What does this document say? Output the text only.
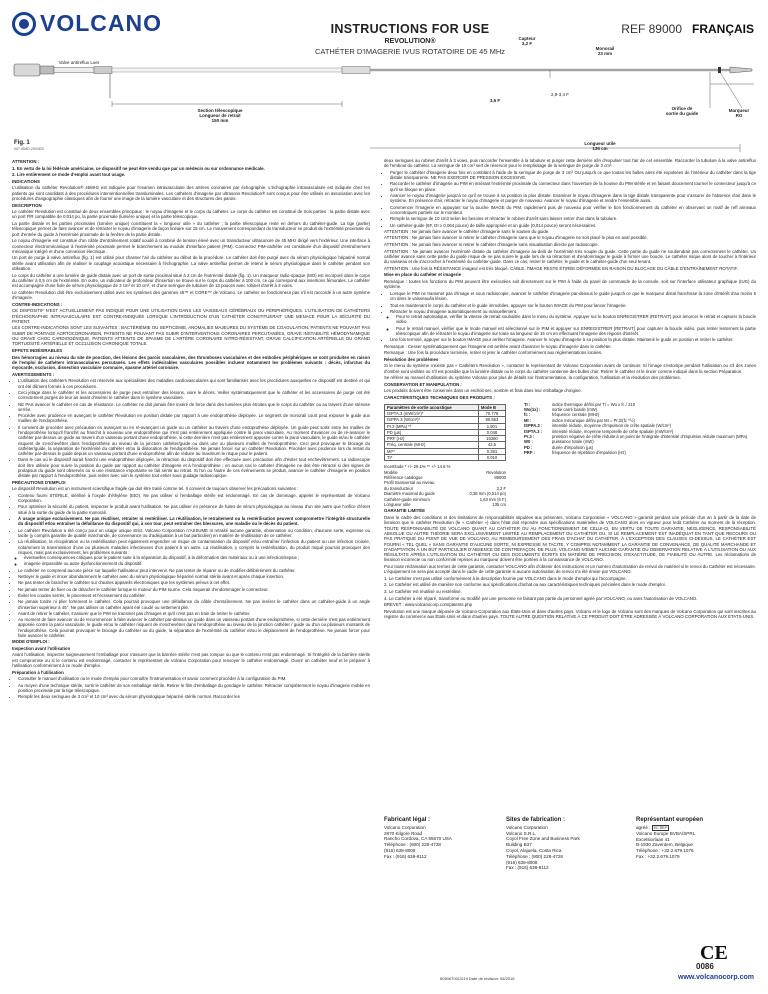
VOLCANO	INSTRUCTIONS FOR USE
REVOLUTION®
CATHÉTER D'IMAGERIE IVUS ROTATOIRE DE 45 MHz
REF 89000 FRANÇAIS
Valve antireflux Luer
Capteur
3,2 F
Monorail
23 mm
3,5 F
2,9-3,4 F
Orifice de
sortie du guide
Marqueur
RO
Longueur utile
135 cm
Section télescopique
Longueur de retrait
150 mm
Fig. 1
007-ISMD-29/0303

ATTENTION :

1. En vertu de la loi fédérale américaine, ce dispositif ne peut être vendu que par un médecin ou sur ordonnance médicale.

2. Lire entièrement ce mode d'emploi avant tout usage.

INDICATIONS

L'utilisation du cathéter Revolution® 45MHz est indiquée pour l'examen intravasculaire des artères coronaires par échographie. L'échographie intravasculaire est indiquée chez les patients qui sont candidats à des procédures interventionnelles transluminales. Les cathéters d'imagerie par ultrasons Revolution® sont conçus pour être utilisés en association avec les procédures d'angiographie classiques afin de fournir une image de la lumière vasculaire et des structures des parois.

DESCRIPTION

Le cathéter Revolution est constitué de deux ensembles principaux : le noyau d'imagerie et le corps du cathéter. Le corps du cathéter est constitué de trois parties : la partie distale avec un port FlR compatible de 0,014 po, la partie proximale (lumière unique) et la partie télescopique.

La partie distale et les parties proximales (lumière unique) constituent la « longueur utile » du cathéter ; la partie télescopique reste en dehors du cathéter-guide. La tige (partie) télescopique permet de faire avancer et de rétracter le noyau d'imagerie de façon linéaire sur 15 cm. Le mouvement correspondant du transducteur se produit de l'extrémité proximale du port d'entrée du guide à l'extrémité proximale de la fenêtre de la partie distale.

Le noyau d'imagerie est constitué d'un câble d'entraînement rotatif soudé à combiné de tension élevé avec un transducteur ultrasonore de 45 MHz dirigé vers l'extérieur. Une interface à connecteur électromécanique à l'extrémité proximale permet le branchement au module d'interface patient (PIM). Connectez PIM-cathéter est constituée d'un dispositif d'entraînement mécanique intégré et d'une connexion électrique.

Un port de purge à valve antireflux (fig. 1) est utilisé pour chasser l'air du cathéter au début de la procédure. Le cathéter doit être purgé avec du sérum physiologique hépariné normal stérile avant utilisation afin de réaliser le couplage acoustique nécessaire à l'échographie. La valve antireflux permet de retenir le sérum physiologique dans le cathéter pendant son utilisation.

Le corps du cathéter a une lumière de guide distale avec un port de sortie proximal situé à 2 cm de l'extrémité distale (fig. 1). Un marqueur radio-opaque (MO) est incorporé dans le corps du cathéter à 0,5 cm de l'extrémité. En outre, un indicateur de profondeur d'insertion se trouve sur le corps du cathéter à 100 cm, ce qui correspond aux insertions fémorales. Le cathéter est accompagné d'une fiole de sérum physiologique de 3 cm³ et 10 cm³, et d'une seringue de tubulure de 13 pouces avec robinet d'arrêt à 3 voies.

Le cathéter Revolution doit être exclusivement utilisé avec les systèmes des gammes s5™ et CORE™ de Volcano. Le cathéter ne fonctionnera pas s'il est raccordé à un autre système d'imagerie.

CONTRE-INDICATIONS :

CE DISPOSITIF N'EST ACTUELLEMENT PAS INDIQUÉ POUR UNE UTILISATION DANS LES VAISSEAUX CÉRÉBRAUX OU PÉRIPHÉRIQUES. L'UTILISATION DE CATHÉTERS D'ÉCHOGRAPHIE INTRAVASCULAIRE EST CONTRE-INDIQUÉE LORSQUE L'INTRODUCTION D'UN CATHÉTER CONSTITUERAIT UNE MENACE POUR LA SÉCURITÉ DU PATIENT.

LES CONTRE-INDICATIONS SONT LES SUIVANTES : BACTÉRIÉMIE OU SEPTICÉMIE, ANOMALIES MAJEURES DU SYSTÈME DE COAGULATION, PATIENTS NE POUVANT PAS SUBIR DE PONTAGE AORTOCORONARIEN, PATIENTS NE POUVANT PAS SUBIR D'INTERVENTIONS CORONAIRES PERCUTANÉES, GRAVE INSTABILITÉ HÉMODYNAMIQUE OU GRAVE CHOC CARDIOGÉNIQUE, PATIENTS ATTEINTS DE SPASME DE L'ARTÈRE CORONAIRE NITRO-RÉSISTANT, GRAVE CALCIFICATION ARTÉRIELLE DU GRAND TORTUOSITÉ ARTÉRIELLE ET OCCLUSION CHRONIQUE TOTALE.

EFFETS INDÉSIRABLES

Des hémorragies au niveau du site de ponction, des lésions des parois vasculaires, des thromboses vasculaires et des embolies périphériques se sont produites en raison de l'emploi de cathéters intravasculaires percutanés. Les effets indésirables vasculaires possibles incluent notamment les problèmes suivants : décès, infarctus du myocarde, occlusion, dissection vasculaire coronaire, spasme artériel coronaire.

AVERTISSEMENTS :

• L'utilisation des cathéters Revolution est réservée aux spécialistes des maladies cardiovasculaires qui sont familiarisés avec les procédures auxquelles ce dispositif est destiné et qui ont été dûment formés à ces procédures.
• Ceci jetage dans le cathéter et les accessoires de purge peut entraîner des lésions, voire le décès. Veiller systématiquement que le cathéter et les accessoires de purge ont été correctement purgés de leur air avant d'insérer le cathéter dans le système vasculaire.
• NE PAS avancer le cathéter en cas de résistance. Le cathéter ne doit jamais être inséré de force dans des lumières plus étroites que le corps du cathéter ou au travers d'une sténose serrée.
• Procéder avec prudence en avançant le cathéter Revolution en position distale par rapport à une endoprothèse déployée. Le segment de monorail court peut exposer le guide aux mailles de l'endoprothèse.
• Il convient de procéder avec précaution en avançant ou en ré-avançant un guide ou un cathéter au travers d'une endoprothèse déployée. Un guide peut sortir entre les mailles de l'endoprothèse lorsqu'il franchit au franchit à nouveau une endoprothèse qui n'est pas entièrement appliquée contre la paroi vasculaire. Au moment d'avancer ou de ré-avancer le cathéter par-dessus un guide au travers d'un vaisseau portant d'une endoprothèse, si cette dernière n'est pas entièrement apposée contre la paroi vasculaire, le guide et/ou le cathéter risquent de s'enchevêtrer dans l'endoprothèse au niveau de la jonction cathéter/guide ou dans une ou plusieurs mailles de l'endoprothèse. Ceci peut provoquer le blocage du cathéter/guide, la séparation de l'extrémité du cathéter et/ou la dislocation de l'endoprothèse. Ne jamais forcer sur un cathéter Revolution. Procéder avec prudence lors du retrait du cathéter par-dessus le guide depuis un vaisseau portant d'une endoprothèse afin de réduire au maximum le risque pour le patient.
• Dans le cas où le dispositif aurait franchi une endoprothèse déployée, la rétraction du dispositif doit être effectuée avec précaution afin d'éviter tout enchevêtrement. La radioscopie doit être utilisée pour suivre la position du guide par rapport au cathéter d'imagerie et à l'endoprothèse ; en aucun cas le cathéter d'imagerie ne doit être rétracté si des signes de prolapsus du guide sont observés ou si une résistance importante se fait sentir au retrait. Si l'un ou l'autre de ces événements se produit, avancer le cathéter d'imagerie en position distale par rapport à l'endoprothèse, puis retirer avec soin le système tout entier sous guidage radioscopique.

PRÉCAUTIONS D'EMPLOI

Le dispositif Revolution est un instrument scientifique fragile qui doit être traité comme tel. Il convient de toujours observer les précautions suivantes :

• Contenu fourni STÉRILE, stérilisé à l'oxyde d'éthylène (EtO). Ne pas utiliser si l'emballage stérile est endommagé. En cas de dommage, appeler le représentant de Volcano Corporation.
• Pour optimiser la sécurité du patient, inspecter le produit avant l'utilisation. Ne pas utiliser en présence de fuites de sérum physiologique au niveau d'un site autre que l'orifice d'émet situé à la sortie du guide de la partie monorail.
• À usage unique exclusivement. Ne pas réutiliser, retraiter ni restériliser. La réutilisation, le retraitement ou la restérilisation peuvent compromettre l'intégrité structurelle du dispositif et/ou entraîner la défaillance du dispositif qui, à son tour, peut entraîner des blessures, une maladie ou le décès du patient.
• Le cathéter Revolution a été conçu pour un usage unique strict. Volcano Corporation n'ASSUME ni retraité aucune garantie, observation ou condition, d'aucune sorte, expresse ou tacite (y compris garantie de qualité marchande, de convenance ou d'adéquation à un but particulier) en matière de réutilisation de ce cathéter.
• La réutilisation, la récupération ou la restérilisation peut également engendrer un risque de contamination du dispositif et/ou entraîner l'infection du patient ou une infection croisée, notamment la transmission d'une ou plusieurs maladies infectieuses d'un patient à un autre. La réutilisation, y compris la restérilisation, du produit risqué pourrait provoquer des risques, mais pas exclusivement, les problèmes suivants :
◦ éventuelles conséquences critiques pour le patient suite à la séparation du dispositif, à la déformation des matériaux ou à une infection/sepsie ;
◦ imagerie impossible ou autre dysfonctionnement du dispositif.
• Le cathéter ne comprend aucune pièce sur laquelle l'utilisateur peut intervenir. Ne pas tenter de réparer ou de modifier délibérément du cathéter.
• Nettoyer le guide et rincer abondamment le cathéter avec du sérum physiologique hépariné normal stérile avant et après chaque insertion.
• Ne pas tenter de brancher le cathéter sur d'autres appareils électroniques que les systèmes prévus à cet effet.
• Ne jamais tenter de fixer ou de détacher le cathéter lorsque le moteur du PIM tourne. Cela risquerait d'endommager le connecteur.
• Éviter les coudes serrés, le pincement et l'écrasement du cathéter.
• Ne jamais tordre ni plier fortement le cathéter. Cela pourrait provoquer une défaillance du câble d'entraînement. Ne pas insérer le cathéter dans un cathéter-guide à un angle d'insertion supérieur à 45°. Ne pas utiliser un cathéter ayant été coudé ou nettement plié.
• Avant de retirer le cathéter, s'assurer que le PIM ne transmet pas d'images et qu'il n'est pas en train de retirer le cathéter.
• Au moment de faire avancer ou de recommencer à faire avancer le cathéter par-dessus un guide dans un vaisseau portant d'une endoprothèse, si cette dernière n'est pas entièrement apposée contre la paroi vasculaire, le guide et/ou le cathéter risquent de s'enchevêtrer dans l'endoprothèse au niveau de la jonction cathéter / guide ou d'un ou plusieurs montants de l'endoprothèse. Cela pourrait provoquer le blocage du cathéter ou du guide, la séparation de l'extrémité du cathéter et/ou le déplacement de l'endoprothèse. Ne jamais forcer pour faire avancer le cathéter.

MODE D'EMPLOI :

Inspection avant l'utilisation

Avant l'utilisation, inspecter soigneusement l'emballage pour s'assurer que la barrière stérile n'est pas rompue ou que le contenu n'est pas endommagé. Si l'intégrité de la barrière stérile est compromise ou si le contenu est endommagé, contacter le représentant de Volcano Corporation pour renvoyer le cathéter endommagé. Ouvrir un cathéter neuf et le préparer à l'utilisation conformément à ce mode d'emploi.

Préparation à l'utilisation

• Consulter le manuel d'utilisation ou le mode d'emploi pour connaître l'instrumentation et savoir comment procéder à la configuration du PIM.
• Au moyen d'une technique stérile, sortir le cathéter de son emballage stérile. Retirer le film d'emballage du gondage le cathéter. Rétracter complètement le noyau d'imagerie mobile en position proximale par la tige télescopique.
• Remplir les deux seringues de 3 cm³ et 10 cm³ avec du sérum physiologique hépariné stérile normal. Raccorder les

deux seringues au robinet d'arrêt à 3 voies, puis raccorder l'ensemble à la tubulure et purger cette dernière afin d'expulser tout l'air de cet ensemble. Raccorder la tubulure à la valve antireflux de l'embout du cathéter. La seringue de 10 cm³ sert de réservoir pour le remplissage de la seringue de purge de 3 cm³.

• Purger le cathéter d'imagerie deux fois en comblant à l'aide de la seringue de purge de 3 cm³ OU jusqu'à ce que toutes les bulles aient été expulsées de l'intérieur du cathéter dans la tige distale transparente. NE PAS EXERCER DE PRESSION EXCESSIVE.
• Raccorder le cathéter d'imagerie au PIM en insérant l'extrémité proximale du connecteur dans l'ouverture de la housse du PIM stérile et en faisant doucement tourner le connecteur jusqu'à ce qu'il se bloque en place.
• Avancer le noyau d'imagerie jusqu'à ce qu'il se trouve à sa position la plus distale. Examiner le noyau d'imagerie dans la tige distale transparente pour s'assurer de l'absence d'air dans le système. En présence d'air, rétracter le noyau d'imagerie et purger de nouveau. Avancer le noyau d'imagerie et rendre l'ensemble aussi.
• Commencer l'imagerie en appuyant sur la touche IMAGE du PIM, rapidement puis de nouveau pour vérifier le bon fonctionnement du cathéter en observant un motif de refl anneaux concentriques partiels sur le moniteur.
• Remplir la seringue de 10 cm3 selon les besoins et rétracter le robinet d'arrêt sans laisser entrer d'air dans la tubulure.
• Un cathéter-guide (6F, DI ≥ 0,064 pouce) de taille appropriée et un guide (0,014 pouce) seront nécessaires.

ATTENTION : Ne jamais faire avancer le cathéter d'imagerie sans le soutien du guide.

ATTENTION : Ne jamais faire avancer ni retirer le cathéter d'imagerie sans que le noyau d'imagerie ne soit placé le plus en aval possible.

ATTENTION : Ne jamais faire avancer ni retirer le cathéter d'imagerie sans visualisation directe par radioscopie.

ATTENTION : Ne jamais avancer l'extrémité distale du cathéter d'imagerie au-delà de l'extrémité très souple du guide. Cette partie du guide ne soutiendrait pas correctement le cathéter. Un cathéter avancé sans cette partie du guide risque de ne pas suivre le guide lors de sa rétraction et d'endommager le guide à former une boucle. Le cathéter risque alors de toucher à l'intérieur du vaisseau et de s'accrocher à l'extrémité du cathéter-guide. Dans ce cas, retirer le cathéter, le guide et le cathéter-guide d'un seul tenant.

ATTENTION : Une fois la RÉSISTANCE imageur est très bloqué. CÂBLE, l'IMAGE RESTE ÉTIRÉE DÉFORMÉE EN RAISON DU BLOCAGE DU CÂBLE D'ENTRAÎNEMENT ROTATIF.

Mise en place du cathéter et imagerie

Remarque : toutes les fonctions du PIM peuvent être exécutées soit directement sur le PIM à l'aide du panel de commande de la console, soit sur l'interface utilisateur graphique (IUG) du système.

• Lorsque le PIM ne transmet pas d'image et sous radioscopie, avancer le cathéter d'imagerie par-dessus le guide jusqu'à ce que le marqueur distal franchisse la zone d'intérêt d'au moins 5 cm dans le vaisseau/la lésion.
• Tout en maintenant le corps du cathéter et le guide immobiles, appuyer sur le bouton IMAGE du PIM pour lancer l'imagerie.
• Rétracter le noyau d'imagerie automatiquement ou manuellement.
◦ Pour le retrait automatique, vérifier la vitesse de retrait souhaitée dans le menu du système. Appuyer sur le bouton ENREGISTRER (RETRAIT) pour amorcer le retrait et capturer la boucle vidéo.
◦ Pour le retrait manuel, vérifier que le mode manuel est sélectionné sur le PIM et appuyer sur ENREGISTRER (RETRAIT) pour capturer la boucle vidéo, puis retirer lentement la partie télescopique afin de rétracter le noyau d'imagerie sur toute sa longueur de 15 cm en effectuant l'imagerie des régions d'intérêt.
• Une fois terminé, appuyer sur le bouton IMAGE pour arrêter l'imagerie. Avancer le noyau d'imagerie à sa position la plus distale. Maintenir le guide en position et retirer le cathéter.

Remarque : Cesser systématiquement que l'imagerie est arrêtée avant d'avancer le noyau d'imagerie dans le cathéter.

Remarque : Une fois la procédure terminée, retirer et jeter le cathéter conformément aux réglementations locales.

Résolution des problèmes

Si le menu du système n'existe pas « Cathéters Revolution », contacter le représentant de Volcano Corporation avant de continuer. Si l'image s'estompe pendant l'utilisation ou s'il des zones d'ombre sont visibles ou s'il est possible que la lumière distale ou le corps du cathéter contienne des bulles d'air. Retirer le cathéter et le rincer comme indiqué dans la section Préparation.

Se référer au manuel d'utilisation du système Volcano pour plus de détails sur l'instrumentation, la configuration, l'utilisation et la résolution des problèmes.

CONSERVATION ET MANIPULATION :

Les produits doivent être conservés dans un endroit sec, sombre et frais dans leur emballage d'origine.

CARACTÉRISTIQUES TECHNIQUES DES PRODUITS :

Paramètres de sortie acoustique	Mode B
ISPTA.3 (mW/cm²)*	70.778
ISPPA.3 (W/cm²)*	95.553
Pr.3 (MPa) **	1.901
PD (µs)	0.048
PRF (Hz)	15360
Fréq. centrale (MHz)	42.5
MI**	0.281
TI*	0.010
TI :	indice thermique défini par TI = Wo x fc / 210
Wo(1x) :	sortie carré bande (mW)
fc :	fréquence centrale (MHz)
MI :	indice mécanique défini par MI = Pr.3/(fc ^½)
ISPPA.3 :	intensité réduite, moyenne d'impulsion de crête spatiale (W/cm²)
ISPTA.3 :	intensité réduite, moyenne temporelle de crête spatiale (mW/cm²)
Pr.3 :	pression négative de crête réduite à un point de l'intégrale d'intensité d'impulsion réduite maximum (MPa)
W0 :	puissance totale (mW)
PD :	durée d'impulsion (µs)
PRF :	fréquence de répétition d'impulsion (Hz)
Incertitude * +/- 29.1% ** +/- 14.6 %
Modèle	Revolution
Référence catalogue	89000
Profil transversal au niveau
du transducteur	3,2 F
Diamètre maximal du guide	0,36 mm (0,014 po)
Cathéter-guide minimum	1,63 mm (6 F)
Longueur utile	135 cm

GARANTIE LIMITÉE

Dans le cadre des conditions et des limitations de responsabilités stipulées aux présentes, Volcano Corporation « VOLCANO » garantit pendant une période d'un an à partir de la date de livraison que le cathéter Revolution (le « Cathéter ») dans l'état doit répondre aux spécifications matérielles de VOLCANO alors en vigueur pour ledit Cathéter au moment de la réception. TOUTE RESPONSABILITÉ DE VOLCANO QUANT AU CATHÉTER OU AU FONCTIONNEMENT DE CELUI-CI, EN VERTU DE TOUTE GARANTIE, NÉGLIGENCE, RESPONSABILITÉ ABSOLUE OU AUTRE THÉORIE SERA EXCLUSIVEMENT LIMITÉE AU REMPLACEMENT DU CATHÉTER OU, SI LE REMPLACEMENT EST INADÉQUAT EN TANT QUE RECOURS OU PAS PRATIQUE DU POINT DE VUE DE VOLCANO, AU REMBOURSEMENT DES FRAIS D'ACHAT DU CATHÉTER. À L'EXCEPTION DES CLAUSES CI-DESSUS, LE CATHÉTER EST FOURNI « TEL QUEL » SANS GARANTIE D'AUCUNE SORTE, NI EXPRESSE NI TACITE, Y COMPRIS NOTAMMENT LA GARANTIE DE CONVENANCE, DE QUALITÉ MARCHANDE ET D'ADAPTATION À UN BUT PARTICULIER D'ABSENCE DE CONTREFAÇON. DE PLUS, VOLCANO N'ÉMET AUCUNE GARANTIE OU OBSERVATION RELATIVE À L'UTILISATION OU AUX RÉSULTATS APRÈS L'UTILISATION DU CATHÉTER OU DES DOCUMENTS ÉCRITS EN MATIÈRE DE PRÉCISION, D'EXACTITUDE, DE FIABILITÉ OU AUTRE. Les réclamations de livraison incorrecte ou non conformité reprises au marqueur doivent être portées à la connaissance de VOLCANO.

Pour toute réclamation aux termes de cette garantie, contacter VOLCANO afin d'obtenir des instructions et un numéro d'autorisation de renvoi de matériel si le renvoi du Cathéter est nécessaire. L'équipement ne sera pas accepté dans le cadre de cette garantie si aucune autorisation de renvoi n'a été émise par VOLCANO.

1. Le Cathéter n'est pas utilisé conformément à la description fournie par VOLCANO dans le mode d'emploi qui l'accompagne.

2. Le Cathéter est utilisé de manière non conforme aux spécifications d'achat ou aux caractéristiques techniques précisées dans le mode d'emploi.

3. Le Cathéter est réutilisé ou restérilisé.

4. Le Cathéter a été réparé, transformé ou modifié par une personne ne faisant pas partie du personnel agréé par VOLCANO, ou sans l'autorisation de VOLCANO.

BREVET : www.volcanocorp.com/patents.php

Revolution est une marque déposée de Volcano Corporation aux États-Unis et dans d'autres pays. Volcano et le logo de Volcano sont des marques de Volcano Corporation qui sont inscrites au registre du commerce aux États-Unis et dans d'autres pays. TOUTE AUTRE QUESTION RELATIVE À CE PRODUIT DOIT ÊTRE ADRESSÉE À VOLCANO CORPORATION AUX ÉTATS-UNIS.

Fabricant légal :
Volcano Corporation
2870 Kilgore Road
Rancho Cordova, CA 95670 USA
Téléphone : (800) 228-4728
(916) 638-8008
Fax : (916) 638-8112
Sites de fabrication :
Volcano Corporation
Volcano S.R.L.
Coyol Free Zone and Business Park
Building B37
Coyol, Alajuela, Costa Rica
Téléphone : (800) 228-4728
(916) 638-8008
Fax : (916) 638-8112
Représentant européen
agréé : EC REP
Volcano Europe BVBA/SPRL
Excelsiorlaan 41
B-1930 Zaventem, Belgique
Téléphone : +32.2.679.1076
Fax : +32.2.679.1079
CE
0086
805067001/019 Date de révision: 06/2016	www.volcanocorp.com
